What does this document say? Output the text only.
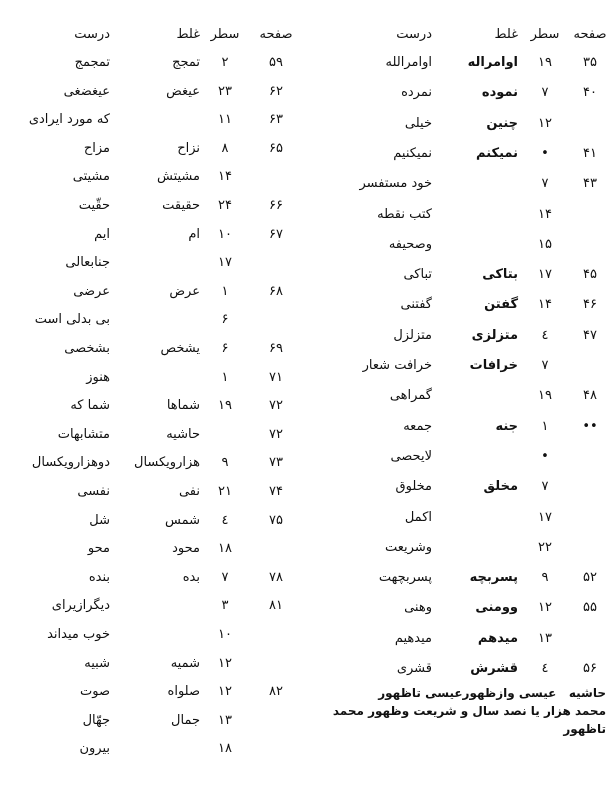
صفحه
سطر
غلط
درست
۳۵
۱۹
اوامراله
اوامرالله
۴۰
۷
نموده
نمرده
۱۲
چنین
خیلی
۴۱
•
نمیکنم
نمیکنیم
۴۳
۷
خود مستفسر
۱۴
کتب نقطه
۱۵
وصحیفه
۴۵
۱۷
بتاکی
تباکی
۴۶
۱۴
گفتن
گفتنی
۴۷
٤
متزلزی
متزلزل
۷
خرافات
خرافت شعار
۴۸
۱۹
گمراهی
••
۱
جنه
جمعه
•
لایحصی
۷
مخلق
مخلوق
۱۷
اکمل
۲۲
وشریعت
۵۲
۹
پسربچه
پسربچهت
۵۵
۱۲
وومنی
وهنی
۱۳
میدهم
میدهیم
۵۶
٤
قشرش
قشری
صفحه
سطر
غلط
درست
۵۹
۲
تمجج
تمجمج
۶۲
۲۳
عیغض
عیغضغی
۶۳
۱۱
که مورد ایرادی
۶۵
۸
نزاح
مزاح
۱۴
مشیتش
مشیتی
۶۶
۲۴
حقیقت
حقّیت
۶۷
۱۰
ام
ایم
۱۷
جنابعالی
۶۸
۱
عرض
عرضی
۶
بی بدلی است
۶۹
۶
یشخص
بشخصی
۷۱
۱
هنوز
۷۲
۱۹
شماها
شما که
۷۲
حاشیه
متشابهات
۷۳
۹
هزارویکسال
دوهزارویکسال
۷۴
۲۱
نفی
نفسی
۷۵
٤
شمس
شل
۱۸
محود
محو
۷۸
۷
بده
بنده
۸۱
۳
دیگرازیرای
۱۰
خوب میداند
۱۲
شمیه
شبیه
۸۲
۱۲
صلواه
صوت
۱۳
جمال
جهّال
۱۸
بیرون
حاشیه   عیسی وازظهورعیسی تاظهور
محمد هزار یا نصد سال و شریعت وظهور محمد تاظهور
